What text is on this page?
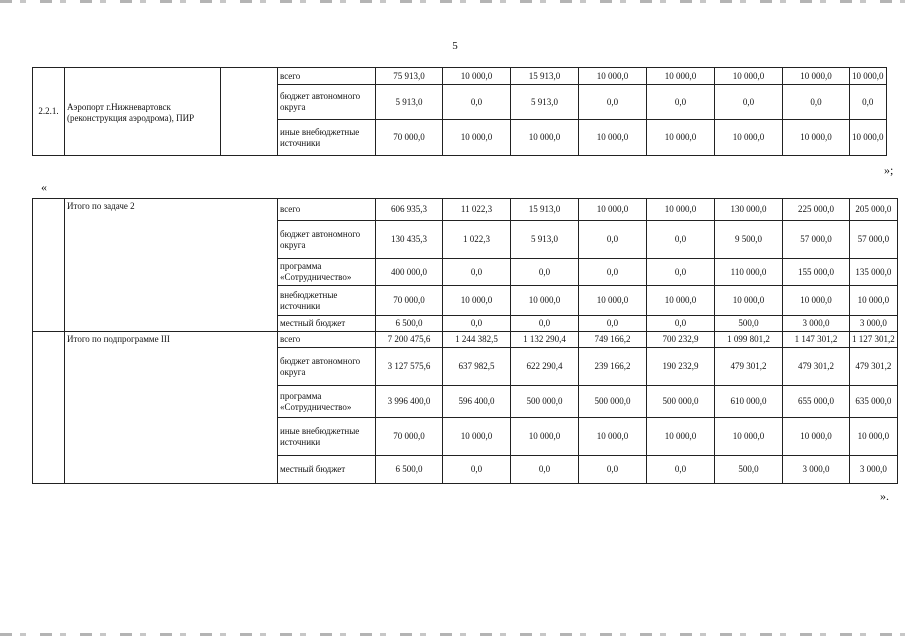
5
2.2.1.	Аэропорт г.Нижневартовск (реконструкция аэродрома), ПИР		всего	75 913,0	10 000,0	15 913,0	10 000,0	10 000,0	10 000,0	10 000,0	10 000,0
			бюджет автономного округа	5 913,0	0,0	5 913,0	0,0	0,0	0,0	0,0	0,0
			иные внебюджетные источники	70 000,0	10 000,0	10 000,0	10 000,0	10 000,0	10 000,0	10 000,0	10 000,0
»;
«
	Итого по задаче 2	всего	606 935,3	11 022,3	15 913,0	10 000,0	10 000,0	130 000,0	225 000,0	205 000,0
		бюджет автономного округа	130 435,3	1 022,3	5 913,0	0,0	0,0	9 500,0	57 000,0	57 000,0
		программа «Сотрудничество»	400 000,0	0,0	0,0	0,0	0,0	110 000,0	155 000,0	135 000,0
		внебюджетные источники	70 000,0	10 000,0	10 000,0	10 000,0	10 000,0	10 000,0	10 000,0	10 000,0
		местный бюджет	6 500,0	0,0	0,0	0,0	0,0	500,0	3 000,0	3 000,0
	Итого по подпрограмме III	всего	7 200 475,6	1 244 382,5	1 132 290,4	749 166,2	700 232,9	1 099 801,2	1 147 301,2	1 127 301,2
		бюджет автономного округа	3 127 575,6	637 982,5	622 290,4	239 166,2	190 232,9	479 301,2	479 301,2	479 301,2
		программа «Сотрудничество»	3 996 400,0	596 400,0	500 000,0	500 000,0	500 000,0	610 000,0	655 000,0	635 000,0
		иные внебюджетные источники	70 000,0	10 000,0	10 000,0	10 000,0	10 000,0	10 000,0	10 000,0	10 000,0
		местный бюджет	6 500,0	0,0	0,0	0,0	0,0	500,0	3 000,0	3 000,0
».
